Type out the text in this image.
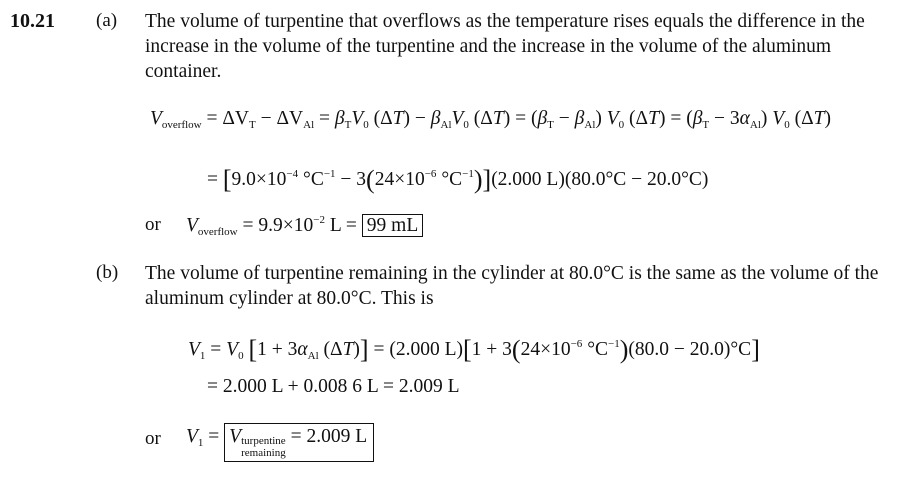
10.21 (a) The volume of turpentine that overflows as the temperature rises equals the difference in the increase in the volume of the turpentine and the increase in the volume of the aluminum container.
$V_{overflow} = \Delta V_T - \Delta V_{Al} = \beta_TV_0$ $(\Delta T) - \beta_{Al}V_0$ $(\Delta T) = (\beta_T - \beta_{Al})$ $V_0$ $(\Delta T) = (\beta_T - 3\alpha_{Al})$ $V_0$ (ΔT)
= [$9.0\times 10^{-4}$ $^\circ C^{-1} - 3(24\times 10^{-6}$ $^\circ C^{-1})](2.000$ L)(80.0°C − 20.0°C)
or $V_{overflow} = 9.9\times 10^{-2}$ L = 99 mL
(b) The volume of turpentine remaining in the cylinder at 80.0°C is the same as the volume of the aluminum cylinder at 80.0°C. This is
$V_1 = V_0$ [$1 + 3\alpha_{Al}$ (ΔT)] = (2.000 $L)[1 + 3(24\times 10^{-6}$ $^\circ C^{-1})(80.0 - 20.0)^\circ C$]
= 2.000 L + 0.008 6 L = 2.009 L
or $V_1 = V$ turpentine
remaining
= 2.009 L
